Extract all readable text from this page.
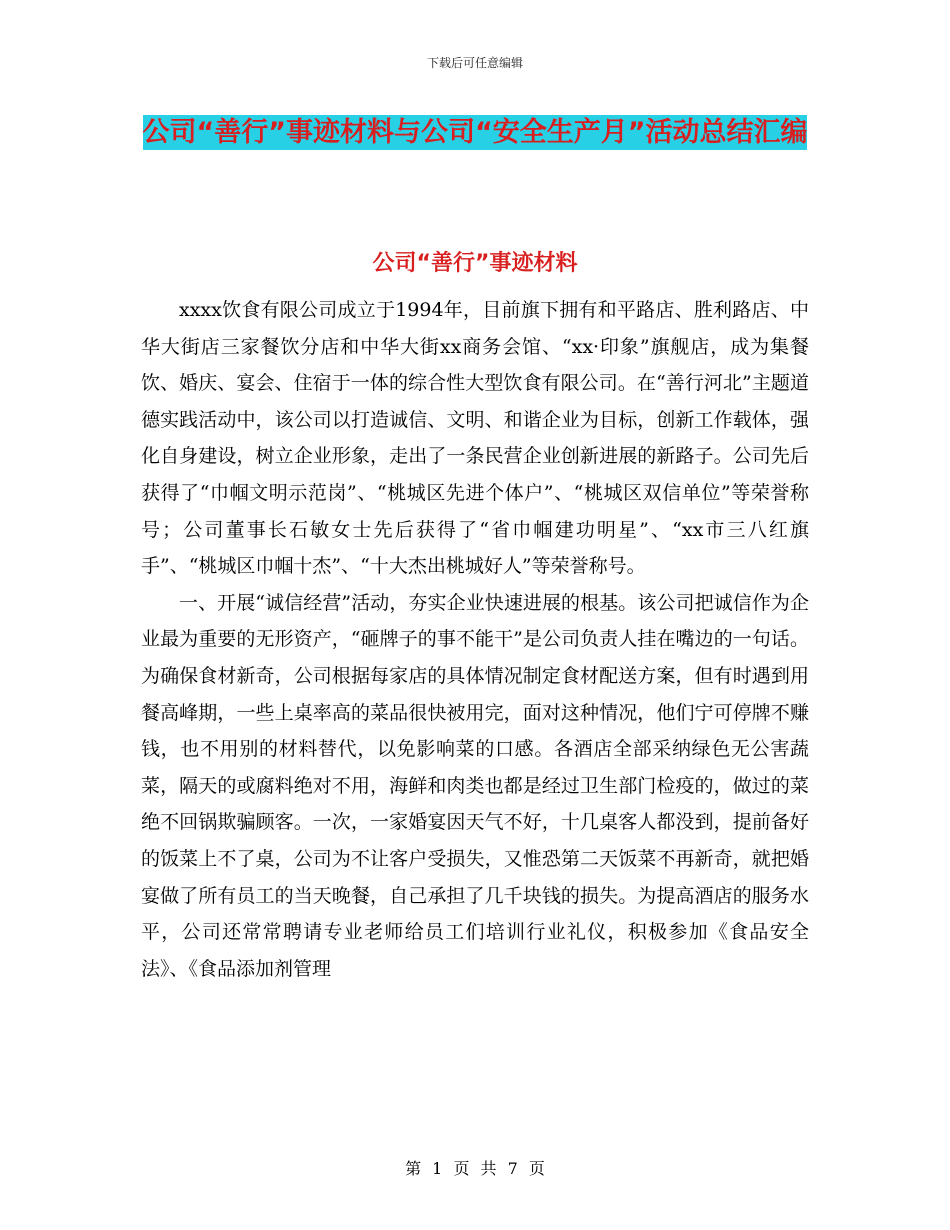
下载后可任意编辑
公司“善行”事迹材料与公司“安全生产月”活动总结汇编
公司“善行”事迹材料

xxxx饮食有限公司成立于1994年，目前旗下拥有和平路店、胜利路店、中华大街店三家餐饮分店和中华大街xx商务会馆、“xx·印象”旗舰店，成为集餐饮、婚庆、宴会、住宿于一体的综合性大型饮食有限公司。在“善行河北”主题道德实践活动中，该公司以打造诚信、文明、和谐企业为目标，创新工作载体，强化自身建设，树立企业形象，走出了一条民营企业创新进展的新路子。公司先后获得了“巾帼文明示范岗”、“桃城区先进个体户”、“桃城区双信单位”等荣誉称号；公司董事长石敏女士先后获得了“省巾帼建功明星”、“xx市三八红旗手”、“桃城区巾帼十杰”、“十大杰出桃城好人”等荣誉称号。

一、开展“诚信经营”活动，夯实企业快速进展的根基。该公司把诚信作为企业最为重要的无形资产，“砸牌子的事不能干”是公司负责人挂在嘴边的一句话。为确保食材新奇，公司根据每家店的具体情况制定食材配送方案，但有时遇到用餐高峰期，一些上桌率高的菜品很快被用完，面对这种情况，他们宁可停牌不赚钱，也不用别的材料替代，以免影响菜的口感。各酒店全部采纳绿色无公害蔬菜，隔天的或腐料绝对不用，海鲜和肉类也都是经过卫生部门检疫的，做过的菜绝不回锅欺骗顾客。一次，一家婚宴因天气不好，十几桌客人都没到，提前备好的饭菜上不了桌，公司为不让客户受损失，又惟恐第二天饭菜不再新奇，就把婚宴做了所有员工的当天晚餐，自己承担了几千块钱的损失。为提高酒店的服务水平，公司还常常聘请专业老师给员工们培训行业礼仪，积极参加《食品安全法》、《食品添加剂管理

第 1 页 共 7 页
